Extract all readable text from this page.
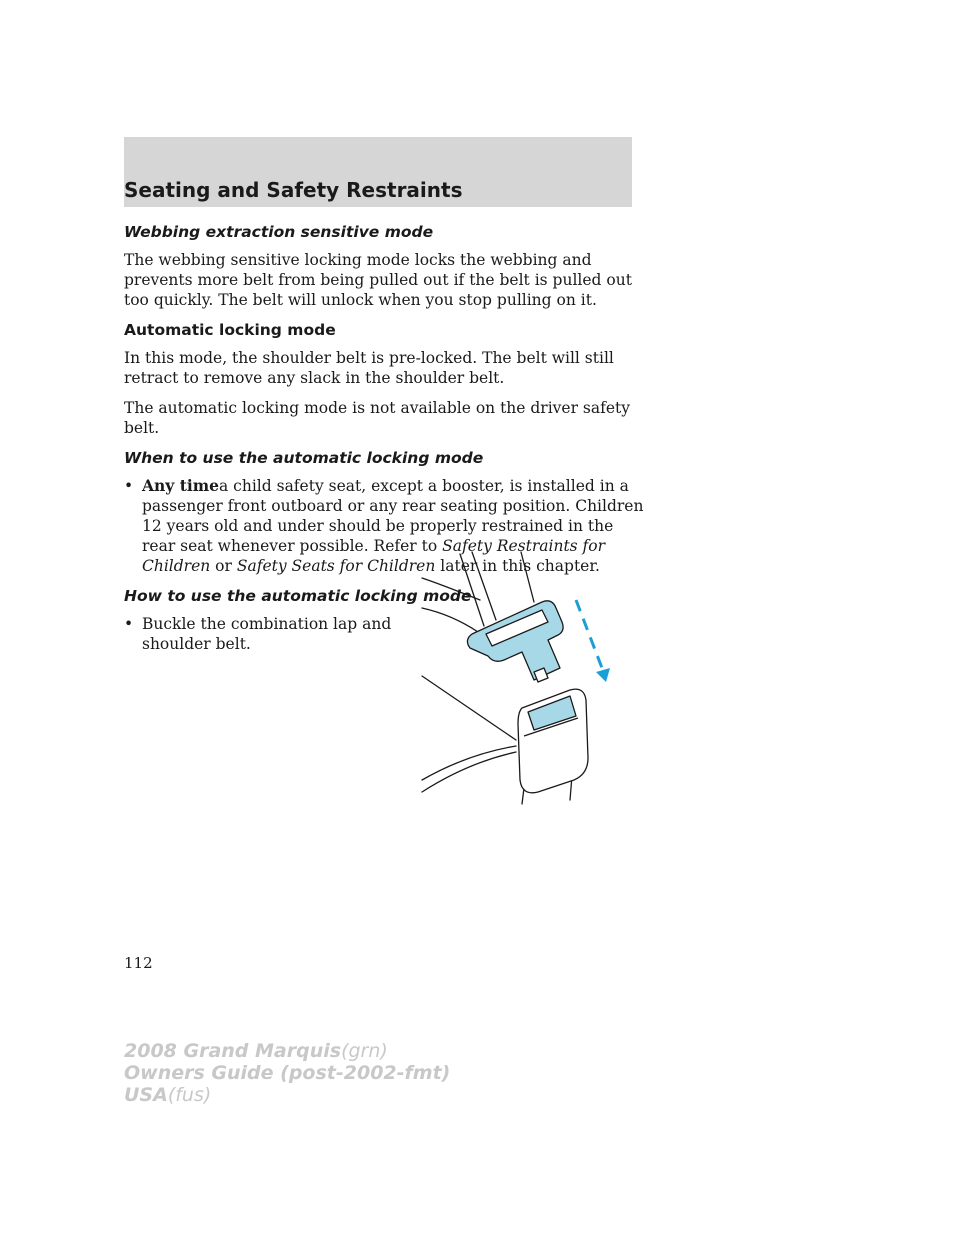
Seating and Safety Restraints
Webbing extraction sensitive mode

The webbing sensitive locking mode locks the webbing and prevents more belt from being pulled out if the belt is pulled out too quickly. The belt will unlock when you stop pulling on it.

Automatic locking mode

In this mode, the shoulder belt is pre-locked. The belt will still retract to remove any slack in the shoulder belt.

The automatic locking mode is not available on the driver safety belt.

When to use the automatic locking mode
• Any timea child safety seat, except a booster, is installed in a passenger front outboard or any rear seating position. Children 12 years old and under should be properly restrained in the rear seat whenever possible. Refer to Safety Restraints for Children or Safety Seats for Children later in this chapter.
How to use the automatic locking mode
• Buckle the combination lap and shoulder belt.
112
2008 Grand Marquis(grn)
Owners Guide (post-2002-fmt)
USA(fus)
